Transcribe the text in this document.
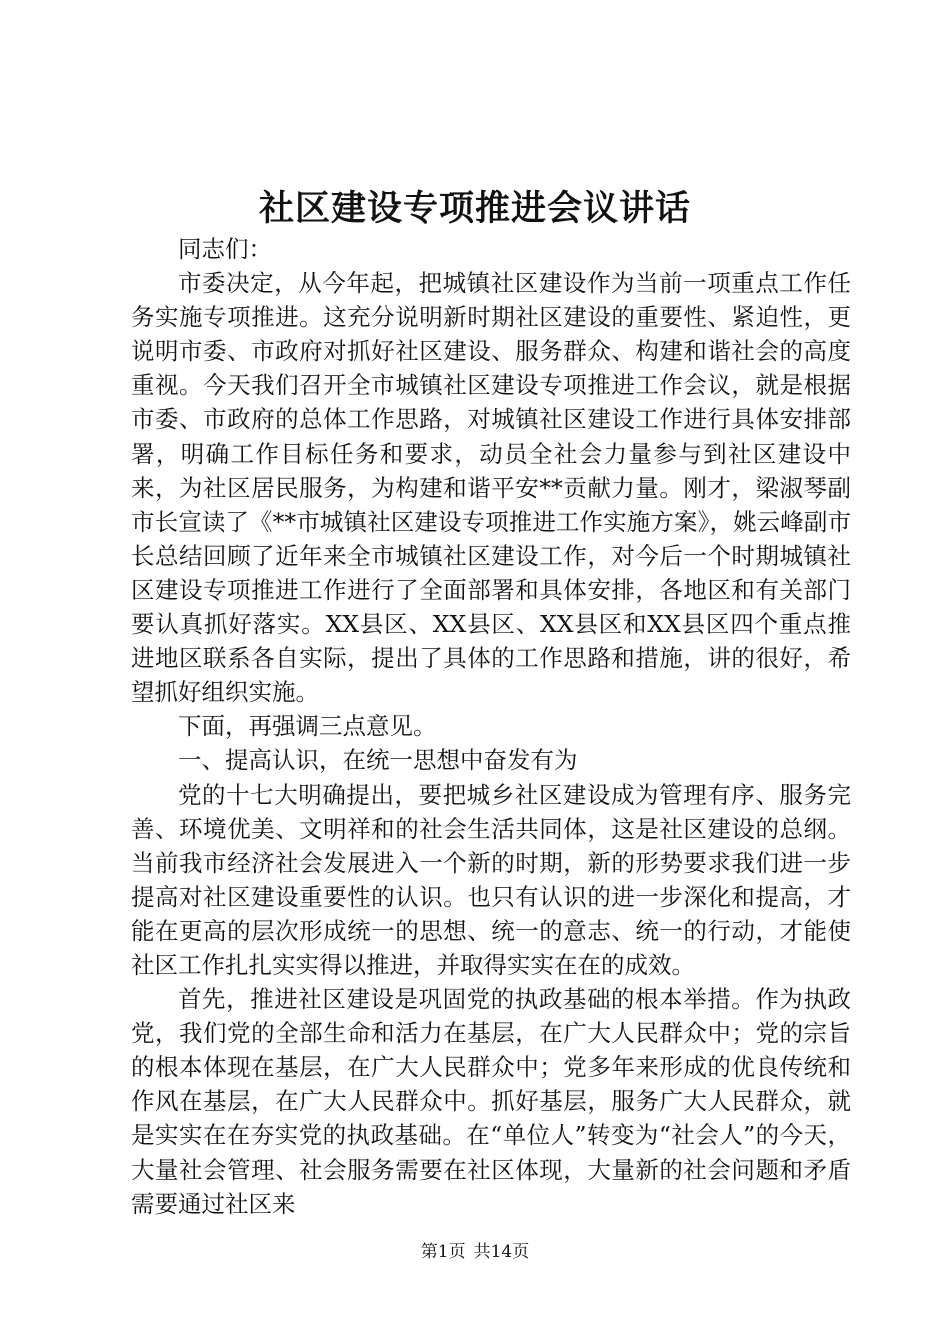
社区建设专项推进会议讲话

同志们：

市委决定，从今年起，把城镇社区建设作为当前一项重点工作任务实施专项推进。这充分说明新时期社区建设的重要性、紧迫性，更说明市委、市政府对抓好社区建设、服务群众、构建和谐社会的高度重视。今天我们召开全市城镇社区建设专项推进工作会议，就是根据市委、市政府的总体工作思路，对城镇社区建设工作进行具体安排部署，明确工作目标任务和要求，动员全社会力量参与到社区建设中来，为社区居民服务，为构建和谐平安**贡献力量。刚才，梁淑琴副市长宣读了《**市城镇社区建设专项推进工作实施方案》，姚云峰副市长总结回顾了近年来全市城镇社区建设工作，对今后一个时期城镇社区建设专项推进工作进行了全面部署和具体安排，各地区和有关部门要认真抓好落实。XX县区、XX县区、XX县区和XX县区四个重点推进地区联系各自实际，提出了具体的工作思路和措施，讲的很好，希望抓好组织实施。

下面，再强调三点意见。

一、提高认识，在统一思想中奋发有为

党的十七大明确提出，要把城乡社区建设成为管理有序、服务完善、环境优美、文明祥和的社会生活共同体，这是社区建设的总纲。当前我市经济社会发展进入一个新的时期，新的形势要求我们进一步提高对社区建设重要性的认识。也只有认识的进一步深化和提高，才能在更高的层次形成统一的思想、统一的意志、统一的行动，才能使社区工作扎扎实实得以推进，并取得实实在在的成效。

首先，推进社区建设是巩固党的执政基础的根本举措。作为执政党，我们党的全部生命和活力在基层，在广大人民群众中；党的宗旨的根本体现在基层，在广大人民群众中；党多年来形成的优良传统和作风在基层，在广大人民群众中。抓好基层，服务广大人民群众，就是实实在在夯实党的执政基础。在“单位人”转变为“社会人”的今天，大量社会管理、社会服务需要在社区体现，大量新的社会问题和矛盾需要通过社区来

第1页 共14页
